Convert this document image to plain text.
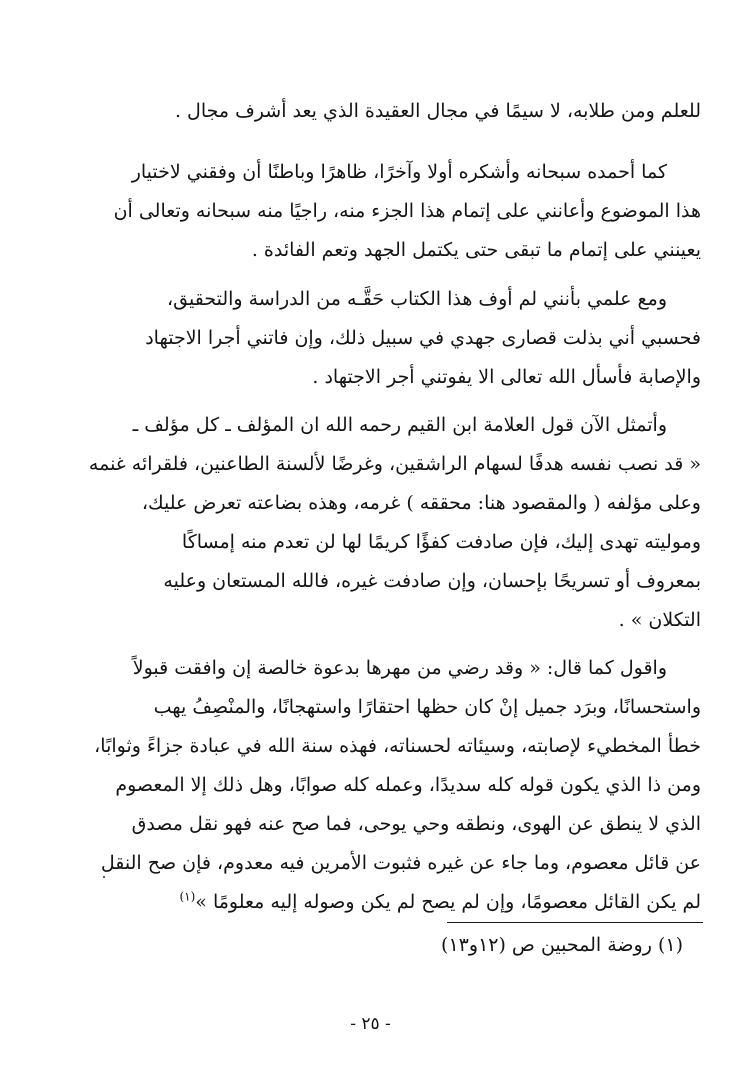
للعلم ومن طلابه، لا سيمًا في مجال العقيدة الذي يعد أشرف مجال .
كما أحمده سبحانه وأشكره أولا وآخرًا، ظاهرًا وباطنًا أن وفقني لاختيار
هذا الموضوع وأعانني على إتمام هذا الجزء منه، راجيًا منه سبحانه وتعالى أن
يعينني على إتمام ما تبقى حتى يكتمل الجهد وتعم الفائدة .
ومع علمي بأنني لم أوف هذا الكتاب حَقَّـه من الدراسة والتحقيق،
فحسبي أني بذلت قصارى جهدي في سبيل ذلك، وإن فاتني أجرا الاجتهاد
والإصابة فأسأل الله تعالى الا يفوتني أجر الاجتهاد .
وأتمثل الآن قول العلامة ابن القيم رحمه الله ان المؤلف ـ كل مؤلف ـ
« قد نصب نفسه هدفًا لسهام الراشقين، وغرضًا لألسنة الطاعنين، فلقرائه غنمه
وعلى مؤلفه ( والمقصود هنا: محققه ) غرمه، وهذه بضاعته تعرض عليك،
ومولیته تهدى إلیك، فإن صادفت كفؤًا كريمًا لها لن تعدم منه إمساكًا
بمعروف أو تسريحًا بإحسان، وإن صادفت غيره، فالله المستعان وعليه
التكلان » .
واقول كما قال: « وقد رضي من مهرها بدعوة خالصة إن وافقت قبولاً
واستحسانًا، وبرَد جميل إنْ كان حظها احتقارًا واستهجانًا، والمنْصِفُ يهب
خطأ المخطيء لإصابته، وسيئاته لحسناته، فهذه سنة الله في عبادة جزاءً وثوابًا،
ومن ذا الذي يكون قوله كله سديدًا، وعمله كله صوابًا، وهل ذلك إلا المعصوم
الذي لا ينطق عن الهوى، ونطقه وحي يوحى، فما صح عنه فهو نقل مصدق
عن قائل معصوم، وما جاء عن غيره فثبوت الأمرين فيه معدوم، فإن صح النقل
لم يكن القائل معصومًا، وإن لم يصح لم يكن وصوله إليه معلومًا »$^{(١)}$
(١) روضة المحبين ص (١٢و١٣)
- ٢٥ -
